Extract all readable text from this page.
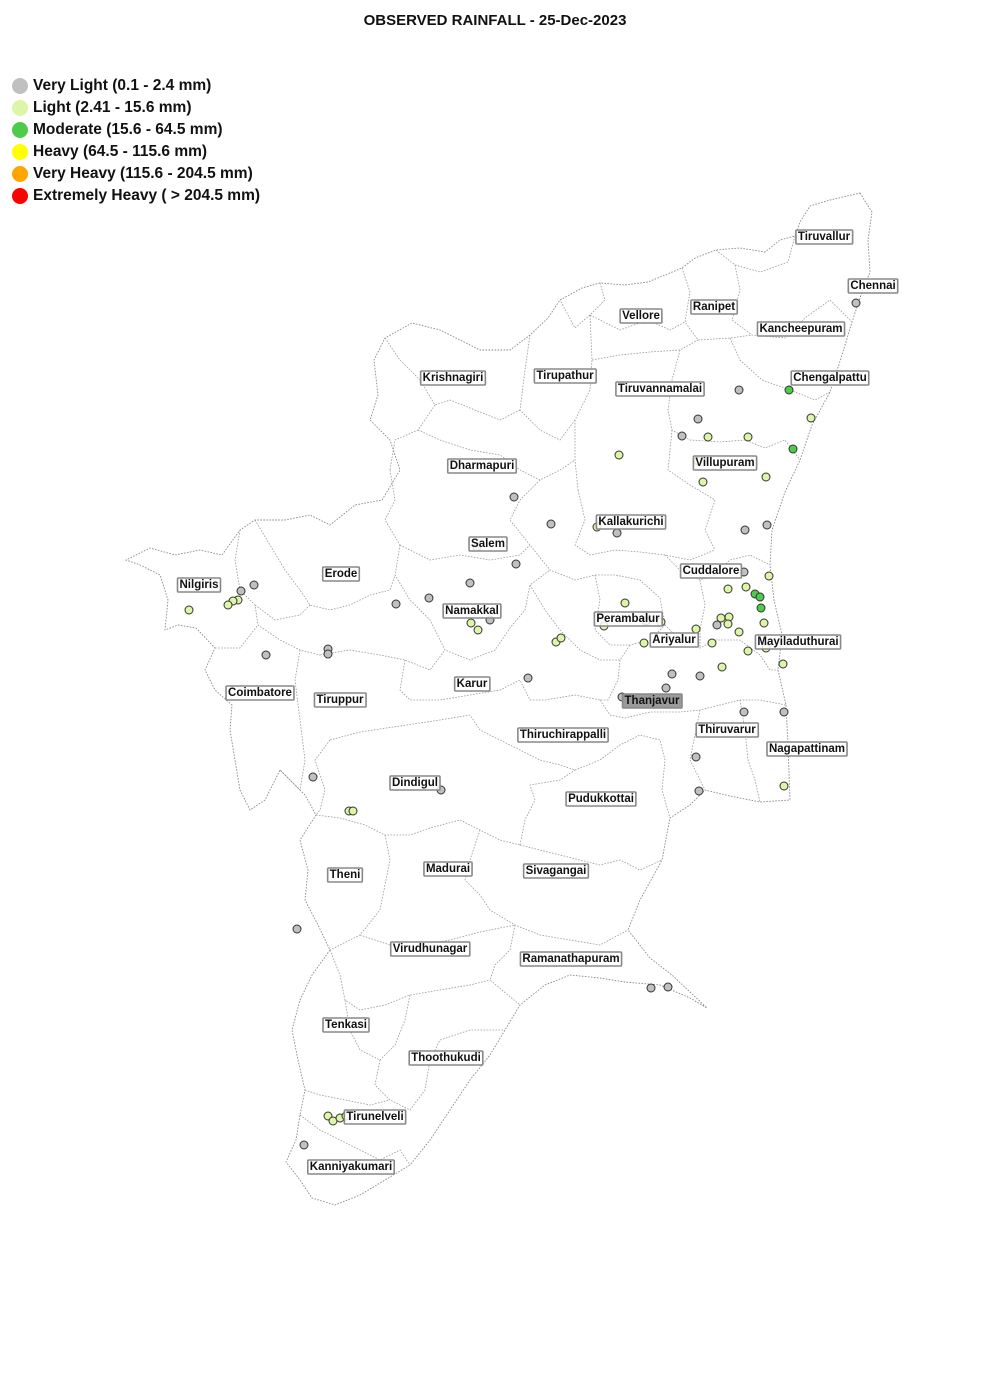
OBSERVED RAINFALL - 25-Dec-2023
Very Light (0.1 - 2.4 mm)
Light (2.41 - 15.6 mm)
Moderate (15.6 - 64.5 mm)
Heavy (64.5 - 115.6 mm)
Very Heavy (115.6 - 204.5 mm)
Extremely Heavy ( > 204.5 mm)
Tiruvallur
Chennai
Ranipet
Vellore
Kancheepuram
Chengalpattu
Krishnagiri	Tirupathur
Tiruvannamalai
Dharmapuri	Villupuram
Kallakurichi
Salem
Erode
Nilgiris
Cuddalore
Namakkal
Perambalur
Ariyalur	Mayiladuthurai
Coimbatore
Tiruppur
Karur
Thanjavur
Thiruchirappalli	Thiruvarur
Nagapattinam
Dindigul
Pudukkottai
Theni	Madurai	Sivagangai
Virudhunagar
Ramanathapuram
Tenkasi
Thoothukudi
Tirunelveli
Kanniyakumari
